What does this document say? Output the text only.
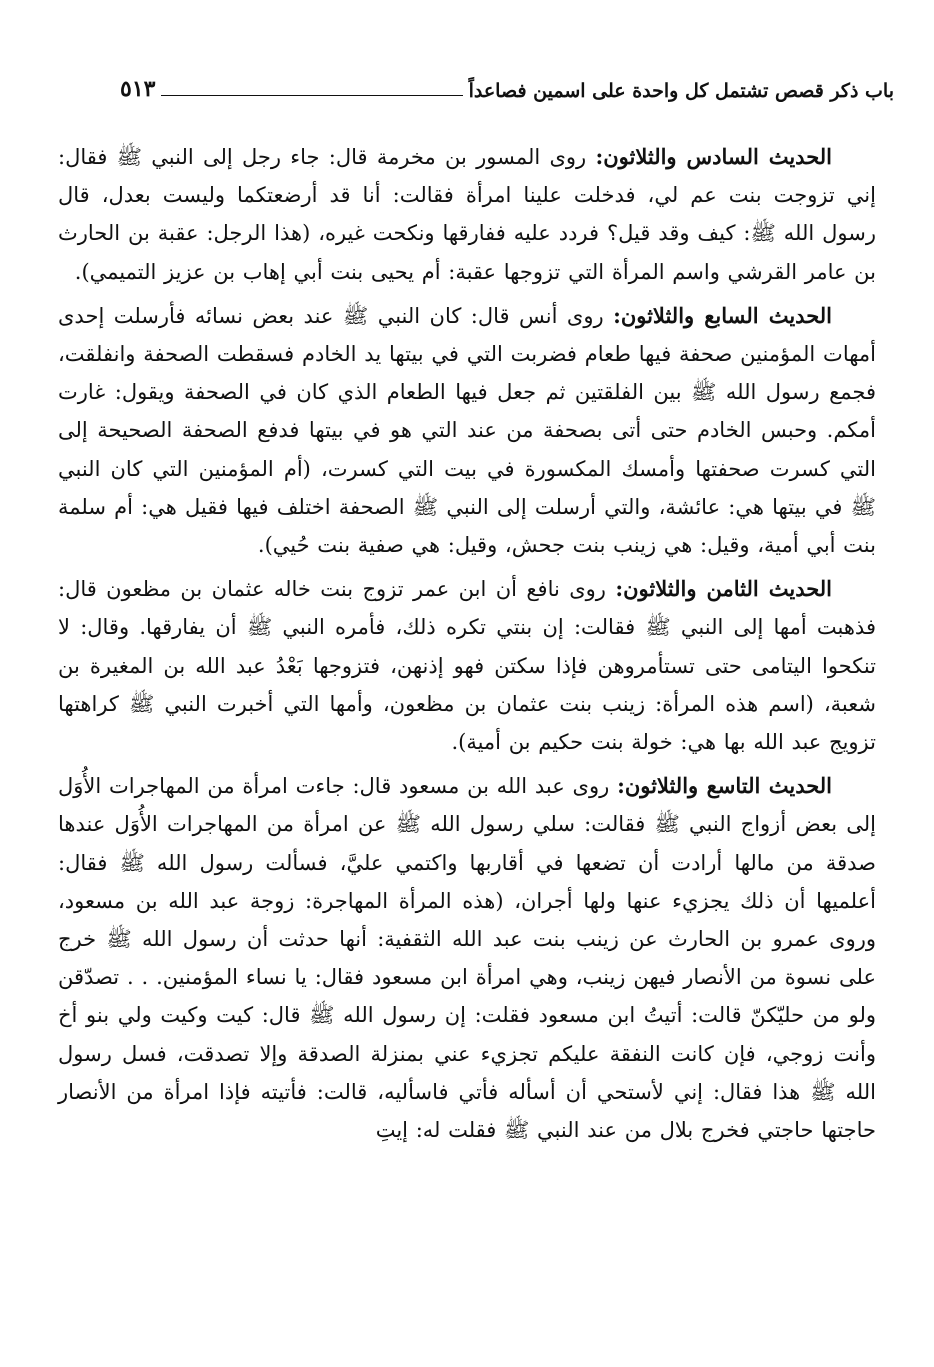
باب ذكر قصص تشتمل كل واحدة على اسمين فصاعداً
٥١٣

الحديث السادس والثلاثون: روى المسور بن مخرمة قال: جاء رجل إلى النبي ﷺ فقال: إني تزوجت بنت عم لي، فدخلت علينا امرأة فقالت: أنا قد أرضعتكما وليست بعدل، قال رسول الله ﷺ: كيف وقد قيل؟ فردد عليه ففارقها ونكحت غيره، (هذا الرجل: عقبة بن الحارث بن عامر القرشي واسم المرأة التي تزوجها عقبة: أم يحيى بنت أبي إهاب بن عزيز التميمي).

الحديث السابع والثلاثون: روى أنس قال: كان النبي ﷺ عند بعض نسائه فأرسلت إحدى أمهات المؤمنين صحفة فيها طعام فضربت التي في بيتها يد الخادم فسقطت الصحفة وانفلقت، فجمع رسول الله ﷺ بين الفلقتين ثم جعل فيها الطعام الذي كان في الصحفة ويقول: غارت أمكم. وحبس الخادم حتى أتى بصحفة من عند التي هو في بيتها فدفع الصحفة الصحيحة إلى التي كسرت صحفتها وأمسك المكسورة في بيت التي كسرت، (أم المؤمنين التي كان النبي ﷺ في بيتها هي: عائشة، والتي أرسلت إلى النبي ﷺ الصحفة اختلف فيها فقيل هي: أم سلمة بنت أبي أمية، وقيل: هي زينب بنت جحش، وقيل: هي صفية بنت حُيي).

الحديث الثامن والثلاثون: روى نافع أن ابن عمر تزوج بنت خاله عثمان بن مظعون قال: فذهبت أمها إلى النبي ﷺ فقالت: إن بنتي تكره ذلك، فأمره النبي ﷺ أن يفارقها. وقال: لا تنكحوا اليتامى حتى تستأمروهن فإذا سكتن فهو إذنهن، فتزوجها بَعْدُ عبد الله بن المغيرة بن شعبة، (اسم هذه المرأة: زينب بنت عثمان بن مظعون، وأمها التي أخبرت النبي ﷺ كراهتها تزويج عبد الله بها هي: خولة بنت حكيم بن أمية).

الحديث التاسع والثلاثون: روى عبد الله بن مسعود قال: جاءت امرأة من المهاجرات الأُوَل إلى بعض أزواج النبي ﷺ فقالت: سلي رسول الله ﷺ عن امرأة من المهاجرات الأُوَل عندها صدقة من مالها أرادت أن تضعها في أقاربها واكتمي عليَّ، فسألت رسول الله ﷺ فقال: أعلميها أن ذلك يجزيء عنها ولها أجران، (هذه المرأة المهاجرة: زوجة عبد الله بن مسعود، وروى عمرو بن الحارث عن زينب بنت عبد الله الثقفية: أنها حدثت أن رسول الله ﷺ خرج على نسوة من الأنصار فيهن زينب، وهي امرأة ابن مسعود فقال: يا نساء المؤمنين. . . تصدّقن ولو من حليّكنّ قالت: أتيتُ ابن مسعود فقلت: إن رسول الله ﷺ قال: كيت وكيت ولي بنو أخ وأنت زوجي، فإن كانت النفقة عليكم تجزيء عني بمنزلة الصدقة وإلا تصدقت، فسل رسول الله ﷺ هذا فقال: إني لأستحي أن أسأله فأتي فاسأليه، قالت: فأتيته فإذا امرأة من الأنصار حاجتها حاجتي فخرج بلال من عند النبي ﷺ فقلت له: إيتِ
